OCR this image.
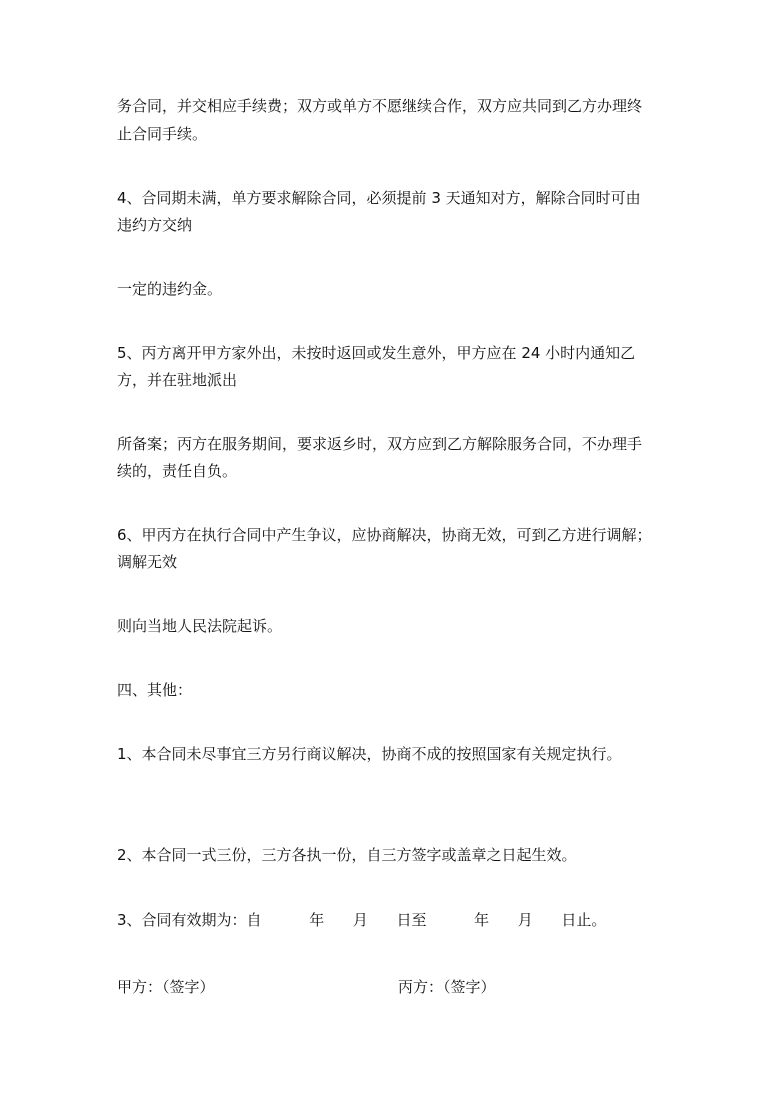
务合同，并交相应手续费；双方或单方不愿继续合作，双方应共同到乙方办理终

止合同手续。

4、合同期未满，单方要求解除合同，必须提前 3 天通知对方，解除合同时可由

违约方交纳

一定的违约金。

5、丙方离开甲方家外出，未按时返回或发生意外，甲方应在 24 小时内通知乙

方，并在驻地派出

所备案；丙方在服务期间，要求返乡时，双方应到乙方解除服务合同，不办理手

续的，责任自负。

6、甲丙方在执行合同中产生争议，应协商解决，协商无效，可到乙方进行调解；

调解无效

则向当地人民法院起诉。

四、其他：

1、本合同未尽事宜三方另行商议解决，协商不成的按照国家有关规定执行。

2、本合同一式三份，三方各执一份，自三方签字或盖章之日起生效。

3、合同有效期为：自          年      月      日至          年      月      日止。

甲方：（签字）	丙方：（签字）
